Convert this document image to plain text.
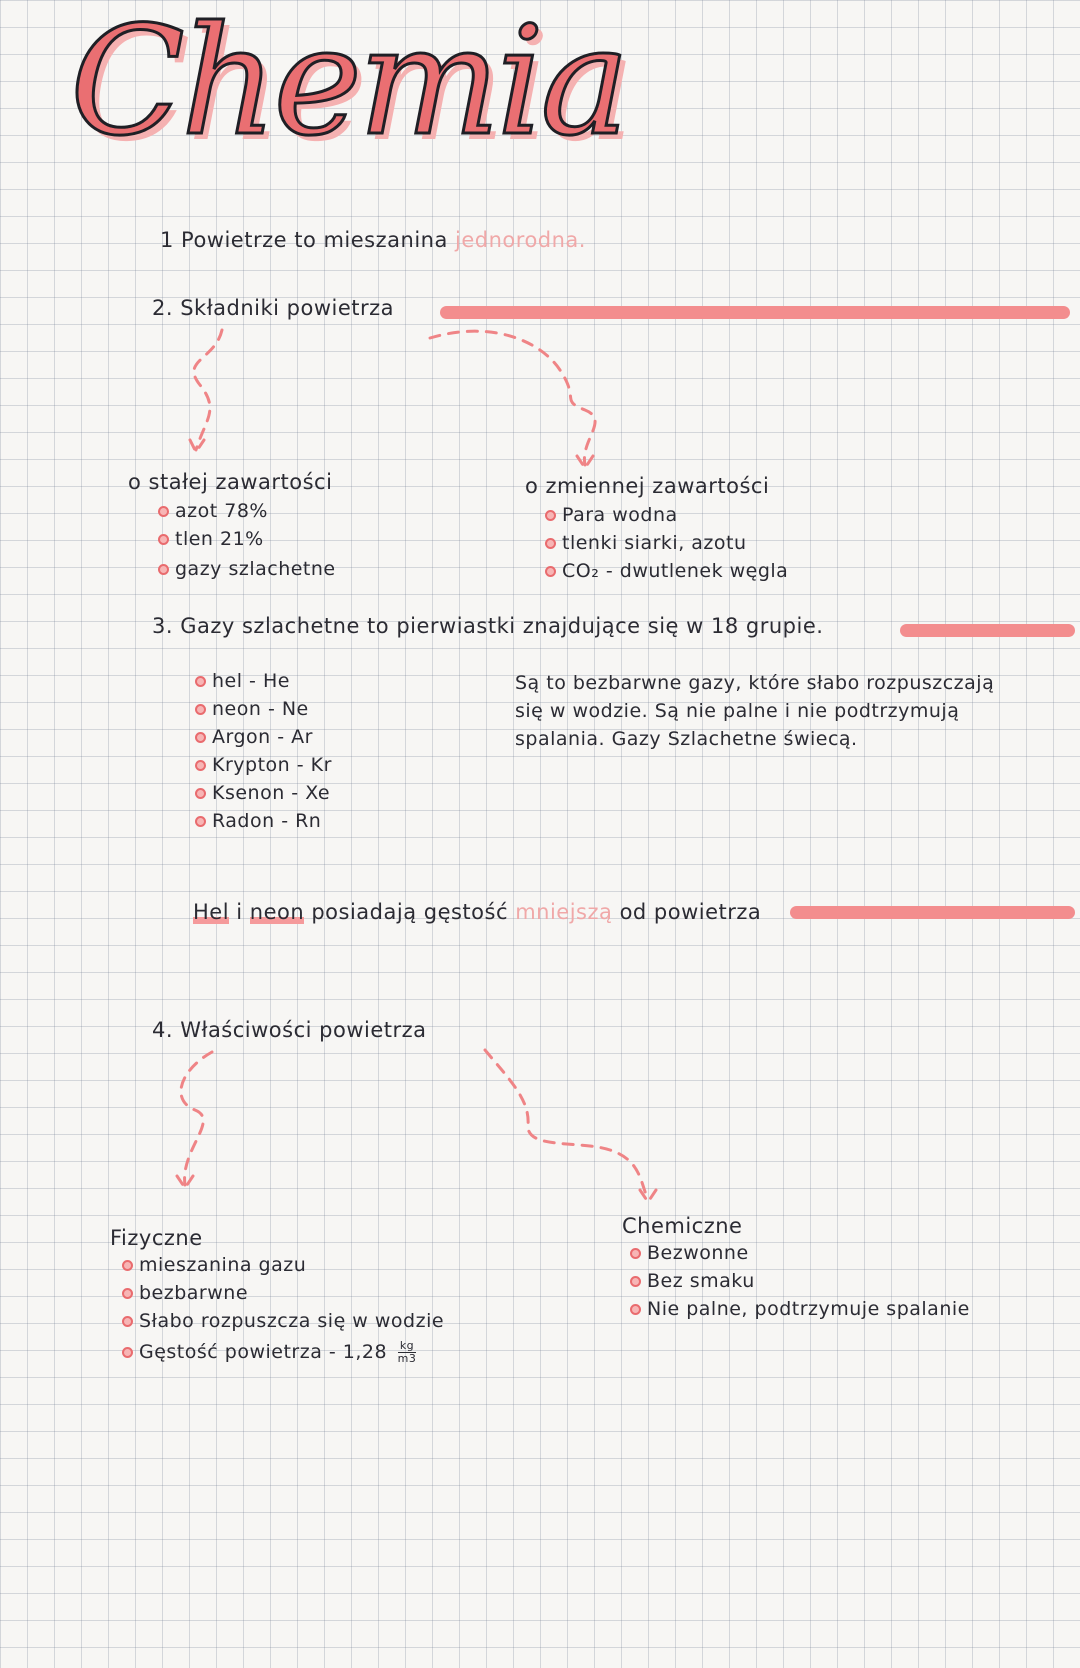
Chemia
1 Powietrze to mieszanina jednorodna.
2. Składniki powietrza
o stałej zawartości
azot 78%
tlen 21%
gazy szlachetne
o zmiennej zawartości
Para wodna
tlenki siarki, azotu
CO₂ - dwutlenek węgla
3. Gazy szlachetne to pierwiastki znajdujące się w 18 grupie.
hel - He
neon - Ne
Argon - Ar
Krypton - Kr
Ksenon - Xe
Radon - Rn
Są to bezbarwne gazy, które słabo rozpuszczają
się w wodzie. Są nie palne i nie podtrzymują
spalania. Gazy Szlachetne świecą.
Hel i neon posiadają gęstość mniejszą od powietrza
4. Właściwości powietrza
Fizyczne
mieszanina gazu
bezbarwne
Słabo rozpuszcza się w wodzie
Gęstość powietrza - $1,28 \frac{kg}{m3}$
Chemiczne
Bezwonne
Bez smaku
Nie palne, podtrzymuje spalanie
